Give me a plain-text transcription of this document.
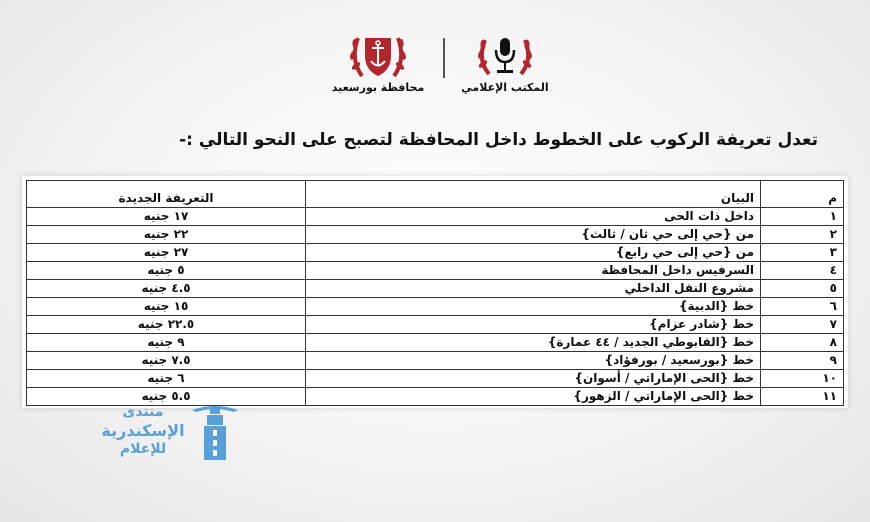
المكتب الإعلامي
محافظة بورسعيد
تعدل تعريفة الركوب على الخطوط داخل المحافظة لتصبح على النحو التالي :-
م	البيان	التعريفة الجديدة
١	داخل ذات الحى	١٧ جنيه
٢	من {حي إلى حي ثان / ثالث}	٢٢ جنيه
٣	من {حي إلى حي رابع}	٢٧ جنيه
٤	السرفيس داخل المحافظة	٥ جنيه
٥	مشروع النقل الداخلي	٤.٥ جنيه
٦	خط {الدبية}	١٥ جنيه
٧	خط {شادر عزام}	٢٢.٥ جنيه
٨	خط {القابوطي الجديد / ٤٤ عمارة}	٩ جنيه
٩	خط {بورسعيد / بورفؤاد}	٧.٥ جنيه
١٠	خط {الحى الإماراتي / أسوان}	٦ جنيه
١١	خط {الحى الإماراتي / الزهور}	٥.٥ جنيه
منتدى
الإسكندرية
للإعلام
